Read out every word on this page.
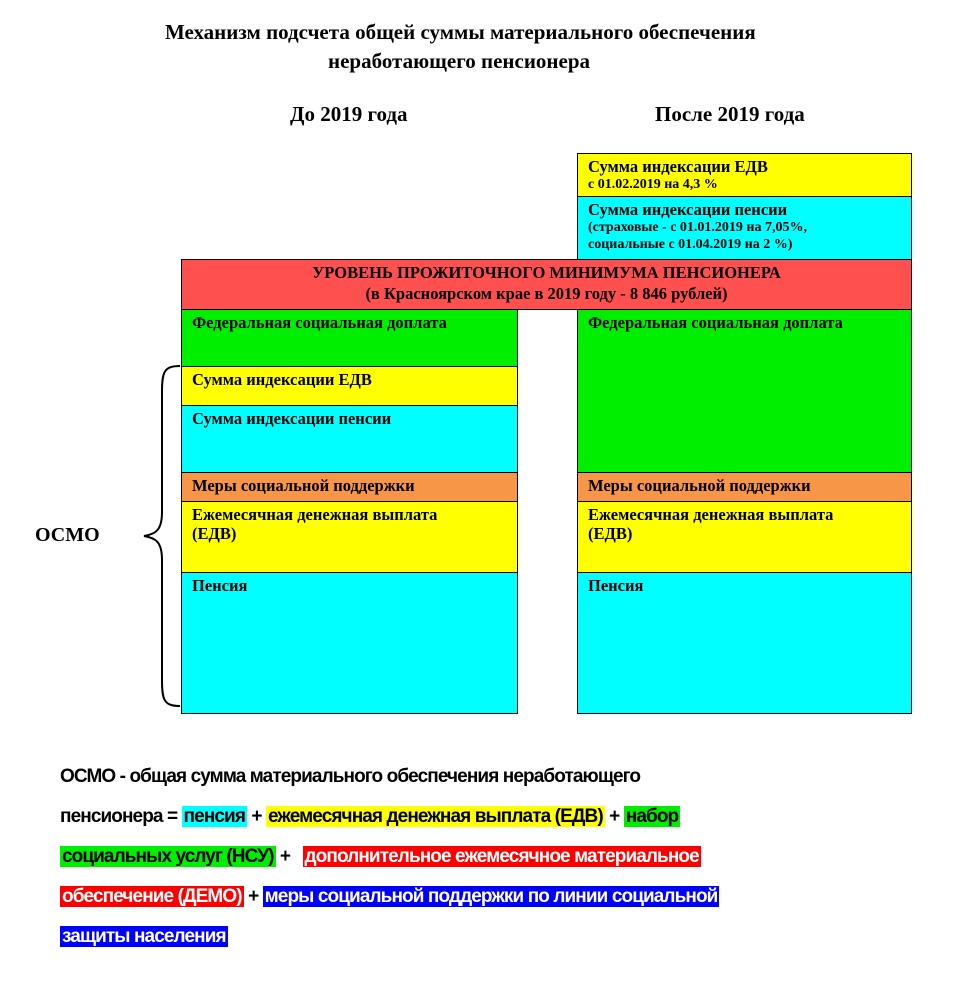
Механизм подсчета общей суммы материального обеспечения
неработающего пенсионера
До 2019 года	После 2019 года
Сумма индексации ЕДВ
с 01.02.2019 на 4,3 %
Сумма индексации пенсии
(страховые - с 01.01.2019 на 7,05%,
социальные с 01.04.2019 на 2 %)
УРОВЕНЬ ПРОЖИТОЧНОГО МИНИМУМА ПЕНСИОНЕРА
(в Красноярском крае в 2019 году - 8 846 рублей)
Федеральная социальная доплата
Сумма индексации ЕДВ
Сумма индексации пенсии
Меры социальной поддержки
Ежемесячная денежная выплата
(ЕДВ)
Пенсия
Федеральная социальная доплата
Меры социальной поддержки
Ежемесячная денежная выплата
(ЕДВ)
Пенсия
ОСМО
ОСМО - общая сумма материального обеспечения неработающего
пенсионера = пенсия + ежемесячная денежная выплата (ЕДВ) + набор
социальных услуг (НСУ) + дополнительное ежемесячное материальное
обеспечение (ДЕМО) + меры социальной поддержки по линии социальной
защиты населения
